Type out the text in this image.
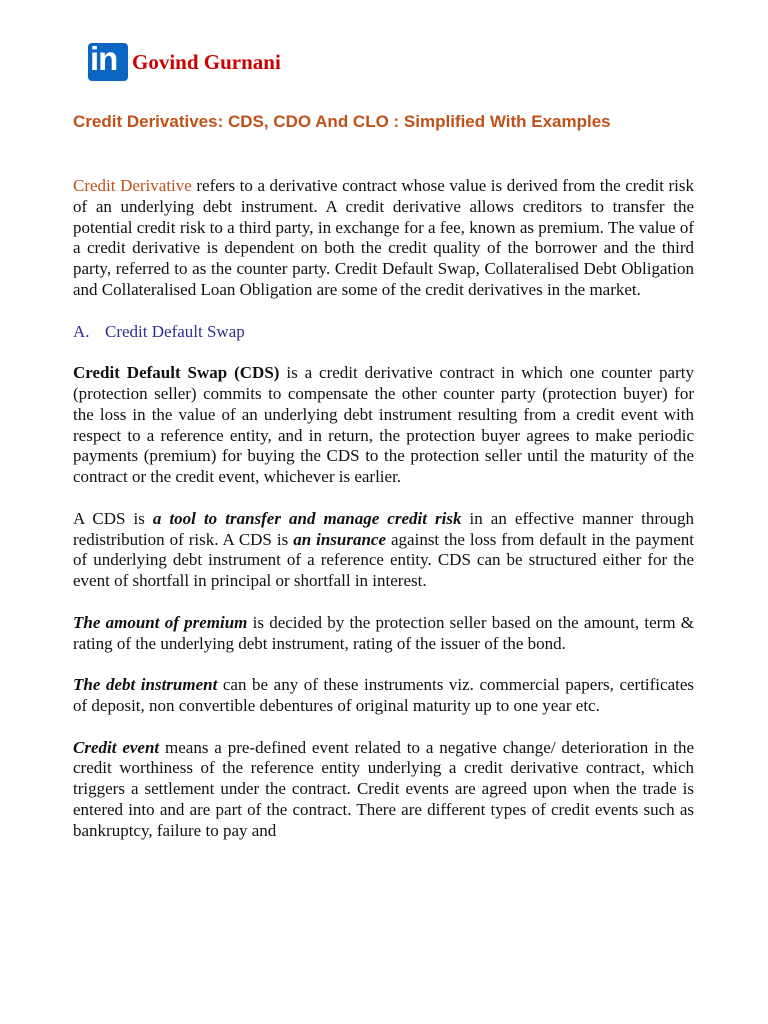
in Govind Gurnani
Credit Derivatives: CDS, CDO And CLO : Simplified With Examples

Credit Derivative refers to a derivative contract whose value is derived from the credit risk of an underlying debt instrument. A credit derivative allows creditors to transfer the potential credit risk to a third party, in exchange for a fee, known as premium. The value of a credit derivative is dependent on both the credit quality of the borrower and the third party, referred to as the counter party. Credit Default Swap, Collateralised Debt Obligation and Collateralised Loan Obligation are some of the credit derivatives in the market.

A. Credit Default Swap

Credit Default Swap (CDS) is a credit derivative contract in which one counter party (protection seller) commits to compensate the other counter party (protection buyer) for the loss in the value of an underlying debt instrument resulting from a credit event with respect to a reference entity, and in return, the protection buyer agrees to make periodic payments (premium) for buying the CDS to the protection seller until the maturity of the contract or the credit event, whichever is earlier.

A CDS is a tool to transfer and manage credit risk in an effective manner through redistribution of risk. A CDS is an insurance against the loss from default in the payment of underlying debt instrument of a reference entity. CDS can be structured either for the event of shortfall in principal or shortfall in interest.

The amount of premium is decided by the protection seller based on the amount, term & rating of the underlying debt instrument, rating of the issuer of the bond.

The debt instrument can be any of these instruments viz. commercial papers, certificates of deposit, non convertible debentures of original maturity up to one year etc.

Credit event means a pre-defined event related to a negative change/ deterioration in the credit worthiness of the reference entity underlying a credit derivative contract, which triggers a settlement under the contract. Credit events are agreed upon when the trade is entered into and are part of the contract. There are different types of credit events such as bankruptcy, failure to pay and
